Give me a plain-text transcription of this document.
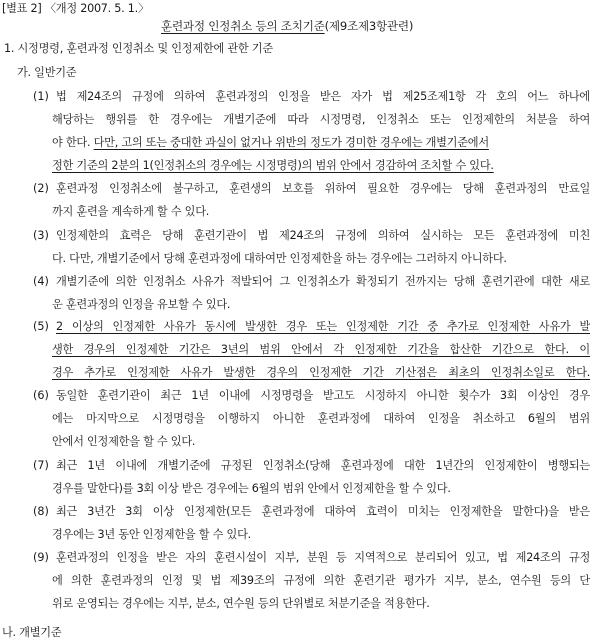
[별표 2] 〈개정 2007. 5. 1.〉
훈련과정 인정취소 등의 조치기준(제9조제3항관련)
1. 시정명령, 훈련과정 인정취소 및 인정제한에 관한 기준
가. 일반기준
(1) 법 제24조의 규정에 의하여 훈련과정의 인정을 받은 자가 법 제25조제1항 각 호의 어느 하나에
해당하는 행위를 한 경우에는 개별기준에 따라 시정명령, 인정취소 또는 인정제한의 처분을 하여
야 한다. 다만, 고의 또는 중대한 과실이 없거나 위반의 정도가 경미한 경우에는 개별기준에서
정한 기준의 2분의 1(인정취소의 경우에는 시정명령)의 범위 안에서 경감하여 조치할 수 있다.
(2) 훈련과정 인정취소에 불구하고, 훈련생의 보호를 위하여 필요한 경우에는 당해 훈련과정의 만료일
까지 훈련을 계속하게 할 수 있다.
(3) 인정제한의 효력은 당해 훈련기관이 법 제24조의 규정에 의하여 실시하는 모든 훈련과정에 미친
다. 다만, 개별기준에서 당해 훈련과정에 대하여만 인정제한을 하는 경우에는 그러하지 아니하다.
(4) 개별기준에 의한 인정취소 사유가 적발되어 그 인정취소가 확정되기 전까지는 당해 훈련기관에 대한 새로
운 훈련과정의 인정을 유보할 수 있다.
(5) 2 이상의 인정제한 사유가 동시에 발생한 경우 또는 인정제한 기간 중 추가로 인정제한 사유가 발
생한 경우의 인정제한 기간은 3년의 범위 안에서 각 인정제한 기간을 합산한 기간으로 한다. 이
경우 추가로 인정제한 사유가 발생한 경우의 인정제한 기간 기산점은 최초의 인정취소일로 한다.
(6) 동일한 훈련기관이 최근 1년 이내에 시정명령을 받고도 시정하지 아니한 횟수가 3회 이상인 경우
에는 마지막으로 시정명령을 이행하지 아니한 훈련과정에 대하여 인정을 취소하고 6월의 범위
안에서 인정제한을 할 수 있다.
(7) 최근 1년 이내에 개별기준에 규정된 인정취소(당해 훈련과정에 대한 1년간의 인정제한이 병행되는
경우를 말한다)를 3회 이상 받은 경우에는 6월의 범위 안에서 인정제한을 할 수 있다.
(8) 최근 3년간 3회 이상 인정제한(모든 훈련과정에 대하여 효력이 미치는 인정제한을 말한다)을 받은
경우에는 3년 동안 인정제한을 할 수 있다.
(9) 훈련과정의 인정을 받은 자의 훈련시설이 지부, 분원 등 지역적으로 분리되어 있고, 법 제24조의 규정
에 의한 훈련과정의 인정 및 법 제39조의 규정에 의한 훈련기관 평가가 지부, 분소, 연수원 등의 단
위로 운영되는 경우에는 지부, 분소, 연수원 등의 단위별로 처분기준을 적용한다.
나. 개별기준
